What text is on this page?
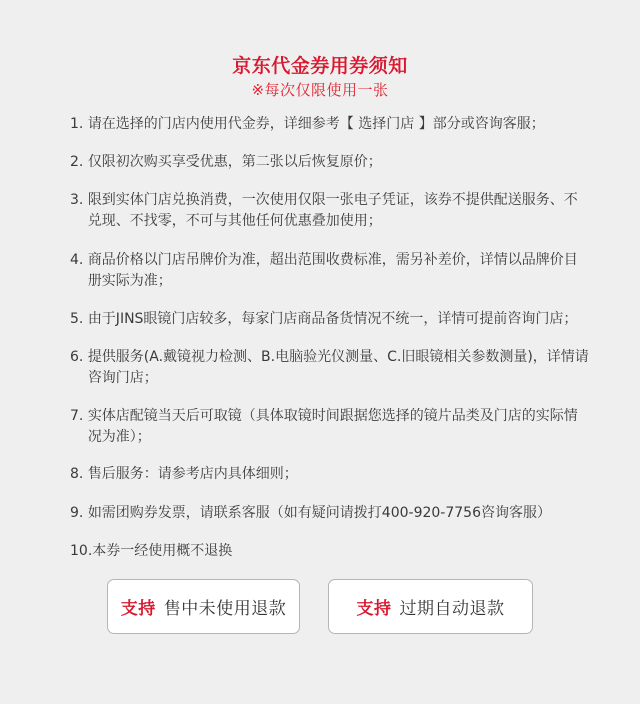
京东代金券用券须知
※每次仅限使用一张
1. 请在选择的门店内使用代金券，详细参考【 选择门店 】部分或咨询客服；
2. 仅限初次购买享受优惠，第二张以后恢复原价；
3. 限到实体门店兑换消费，一次使用仅限一张电子凭证，该券不提供配送服务、不兑现、不找零，不可与其他任何优惠叠加使用；
4. 商品价格以门店吊牌价为准，超出范围收费标准，需另补差价，详情以品牌价目册实际为准；
5. 由于JINS眼镜门店较多，每家门店商品备货情况不统一，详情可提前咨询门店；
6. 提供服务(A.戴镜视力检测、B.电脑验光仪测量、C.旧眼镜相关参数测量)，详情请咨询门店；
7. 实体店配镜当天后可取镜（具体取镜时间跟据您选择的镜片品类及门店的实际情况为准）；
8. 售后服务：请参考店内具体细则；
9. 如需团购券发票，请联系客服（如有疑问请拨打400-920-7756咨询客服）
10. 本券一经使用概不退换
支持 售中未使用退款	支持 过期自动退款
